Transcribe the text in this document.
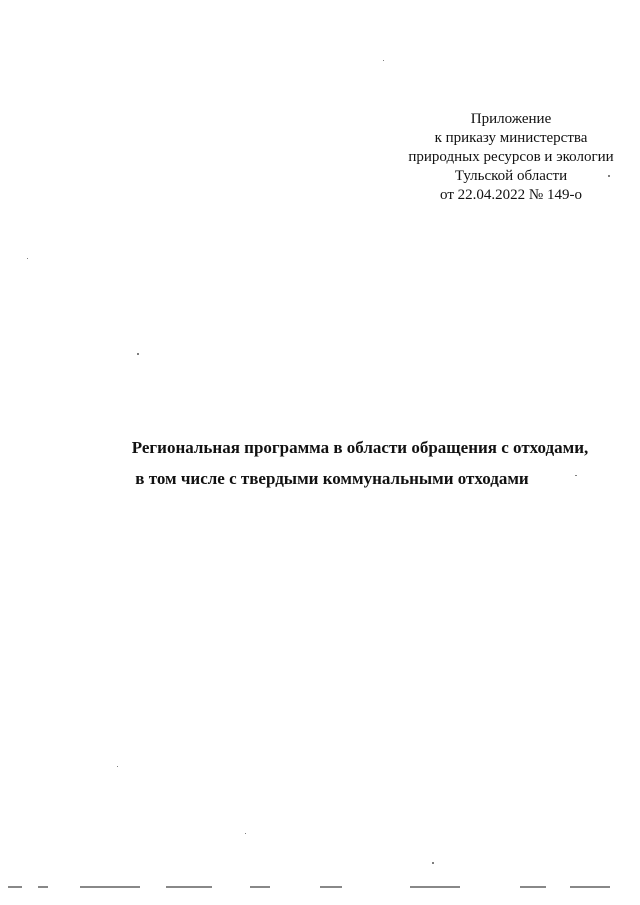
Приложение
к приказу министерства
природных ресурсов и экологии
Тульской области
от 22.04.2022 № 149-о
Региональная программа в области обращения с отходами,
в том числе с твердыми коммунальными отходами
